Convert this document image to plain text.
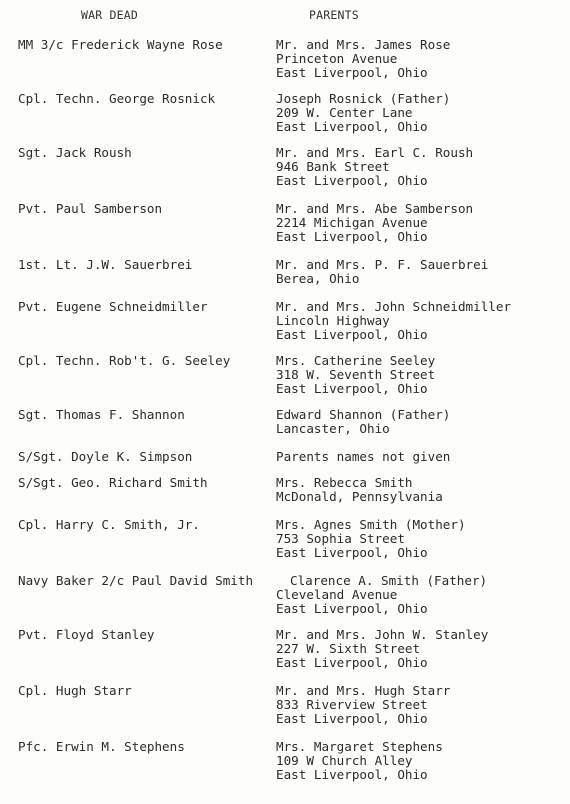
WAR DEAD	PARENTS
MM 3/c Frederick Wayne Rose	Mr. and Mrs. James Rose
Princeton Avenue
East Liverpool, Ohio
Cpl. Techn. George Rosnick	Joseph Rosnick (Father)
209 W. Center Lane
East Liverpool, Ohio
Sgt. Jack Roush	Mr. and Mrs. Earl C. Roush
946 Bank Street
East Liverpool, Ohio
Pvt. Paul Samberson	Mr. and Mrs. Abe Samberson
2214 Michigan Avenue
East Liverpool, Ohio
1st. Lt. J.W. Sauerbrei	Mr. and Mrs. P. F. Sauerbrei
Berea, Ohio
Pvt. Eugene Schneidmiller	Mr. and Mrs. John Schneidmiller
Lincoln Highway
East Liverpool, Ohio
Cpl. Techn. Rob't. G. Seeley	Mrs. Catherine Seeley
318 W. Seventh Street
East Liverpool, Ohio
Sgt. Thomas F. Shannon	Edward Shannon (Father)
Lancaster, Ohio
S/Sgt. Doyle K. Simpson	Parents names not given
S/Sgt. Geo. Richard Smith	Mrs. Rebecca Smith
McDonald, Pennsylvania
Cpl. Harry C. Smith, Jr.	Mrs. Agnes Smith (Mother)
753 Sophia Street
East Liverpool, Ohio
Navy Baker 2/c Paul David Smith	Clarence A. Smith (Father)
Cleveland Avenue
East Liverpool, Ohio
Pvt. Floyd Stanley	Mr. and Mrs. John W. Stanley
227 W. Sixth Street
East Liverpool, Ohio
Cpl. Hugh Starr	Mr. and Mrs. Hugh Starr
833 Riverview Street
East Liverpool, Ohio
Pfc. Erwin M. Stephens	Mrs. Margaret Stephens
109 W Church Alley
East Liverpool, Ohio
